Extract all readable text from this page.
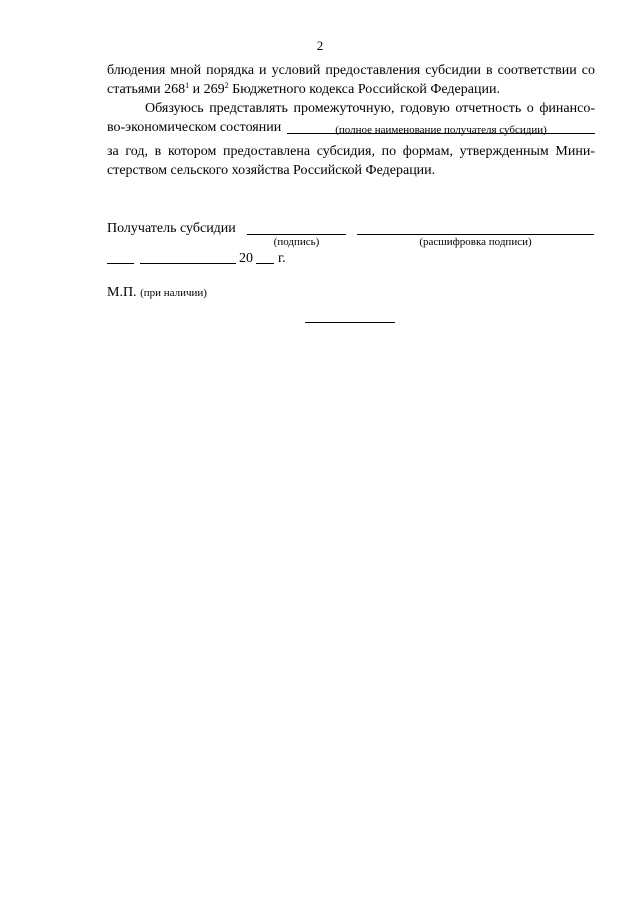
2
блюдения мной порядка и условий предоставления субсидии в соответствии со
статьями $268^1$ и $269^2$ Бюджетного кодекса Российской Федерации.
Обязуюсь представлять промежуточную, годовую отчетность о финансо-
во-экономическом состоянии	(полное наименование получателя субсидии)
за год, в котором предоставлена субсидия, по формам, утвержденным Мини-
стерством сельского хозяйства Российской Федерации.
Получатель субсидии
(подпись)	(расшифровка подписи)
20 г.
М.П. (при наличии)
